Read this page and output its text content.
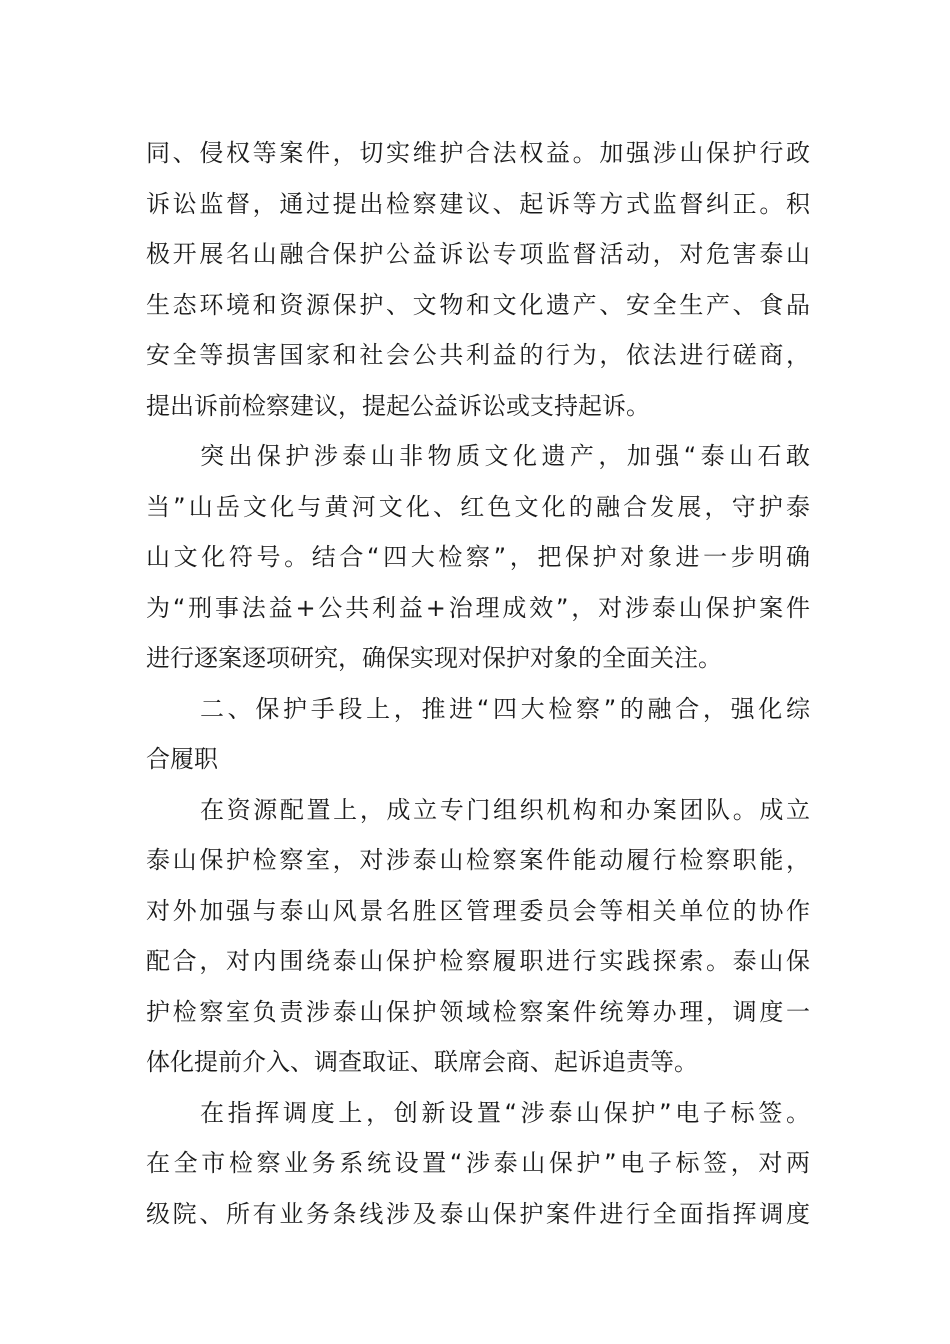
同、侵权等案件，切实维护合法权益。加强涉山保护行政
诉讼监督，通过提出检察建议、起诉等方式监督纠正。积
极开展名山融合保护公益诉讼专项监督活动，对危害泰山
生态环境和资源保护、文物和文化遗产、安全生产、食品
安全等损害国家和社会公共利益的行为，依法进行磋商，
提出诉前检察建议，提起公益诉讼或支持起诉。
突出保护涉泰山非物质文化遗产，加强“泰山石敢
当”山岳文化与黄河文化、红色文化的融合发展，守护泰
山文化符号。结合“四大检察”，把保护对象进一步明确
为“刑事法益+公共利益+治理成效”，对涉泰山保护案件
进行逐案逐项研究，确保实现对保护对象的全面关注。
二、保护手段上，推进“四大检察”的融合，强化综
合履职
在资源配置上，成立专门组织机构和办案团队。成立
泰山保护检察室，对涉泰山检察案件能动履行检察职能，
对外加强与泰山风景名胜区管理委员会等相关单位的协作
配合，对内围绕泰山保护检察履职进行实践探索。泰山保
护检察室负责涉泰山保护领域检察案件统筹办理，调度一
体化提前介入、调查取证、联席会商、起诉追责等。
在指挥调度上，创新设置“涉泰山保护”电子标签。
在全市检察业务系统设置“涉泰山保护”电子标签，对两
级院、所有业务条线涉及泰山保护案件进行全面指挥调度
